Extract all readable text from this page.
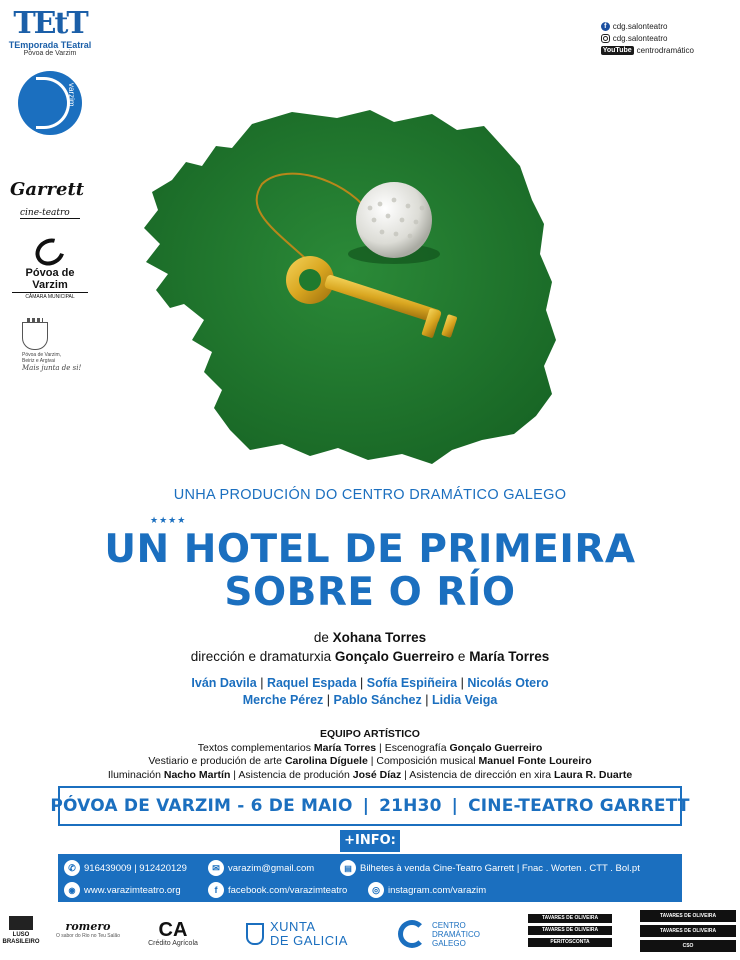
TEtT
TEmporada TEatral
Póvoa de Varzim
varzim
Garrett
cine-teatro
Póvoa de Varzim
CÂMARA MUNICIPAL
Póvoa de Varzim, Beiriz e Argivai
Mais junta de si!
f cdg.salonteatro
cdg.salonteatro
YouTube centrodramático
UNHA PRODUCIÓN DO CENTRO DRAMÁTICO GALEGO
★★★★
UN HOTEL DE PRIMEIRA
SOBRE O RÍO
de Xohana Torres
dirección e dramaturxia Gonçalo Guerreiro e María Torres
Iván Davila | Raquel Espada | Sofía Espiñeira | Nicolás Otero
Merche Pérez | Pablo Sánchez | Lidia Veiga
EQUIPO ARTÍSTICO
Textos complementarios María Torres | Escenografía Gonçalo Guerreiro
Vestiario e produción de arte Carolina Díguele | Composición musical Manuel Fonte Loureiro
Iluminación Nacho Martín | Asistencia de produción José Díaz | Asistencia de dirección en xira Laura R. Duarte
PÓVOA DE VARZIM - 6 DE MAIO | 21H30 | CINE-TEATRO GARRETT
+INFO:
✆
916439009 | 912420129 ✉	varazim@gmail.com ▤	Bilhetes à venda Cine-Teatro Garrett | Fnac . Worten . CTT . Bol.pt
◉
www.varazimteatro.org f	facebook.com/varazimteatro ◎	instagram.com/varazim
LUSO BRASILEIRO
romero
O sabor do Rio no Teu Salão	CA
Crédito Agrícola
XUNTA
DE GALICIA
CENTRO
DRAMÁTICO
GALEGO
TAVARES DE OLIVEIRA
TAVARES DE OLIVEIRA
PERITOSCONTA
TAVARES DE OLIVEIRA
TAVARES DE OLIVEIRA
CSO
